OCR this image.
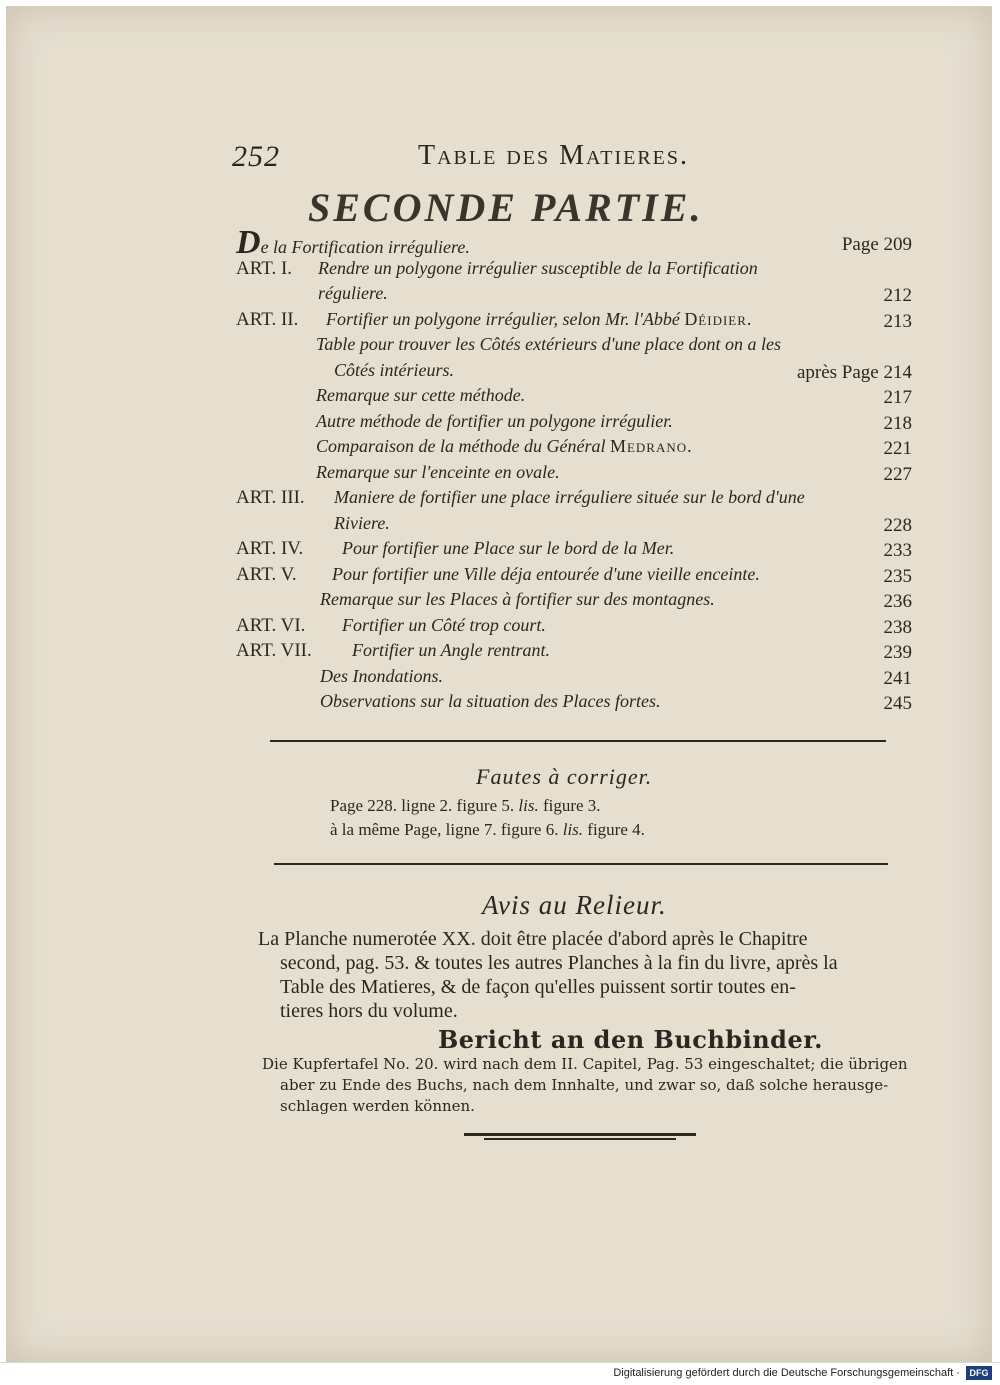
252	Table des Matieres.
SECONDE PARTIE.
De la Fortification irréguliere.	Page 209
ART. I. Rendre un polygone irrégulier susceptible de la Fortification
réguliere.	212
ART. II. Fortifier un polygone irrégulier, selon Mr. l'Abbé Déidier.	213
Table pour trouver les Côtés extérieurs d'une place dont on a les
Côtés intérieurs.	après Page 214
Remarque sur cette méthode.	217
Autre méthode de fortifier un polygone irrégulier.	218
Comparaison de la méthode du Général Medrano.	221
Remarque sur l'enceinte en ovale.	227
ART. III. Maniere de fortifier une place irréguliere située sur le bord d'une
Riviere.	228
ART. IV. Pour fortifier une Place sur le bord de la Mer.	233
ART. V. Pour fortifier une Ville déja entourée d'une vieille enceinte.	235
Remarque sur les Places à fortifier sur des montagnes.	236
ART. VI. Fortifier un Côté trop court.	238
ART. VII. Fortifier un Angle rentrant.	239
Des Inondations.	241
Observations sur la situation des Places fortes.	245
Fautes à corriger.
Page 228. ligne 2. figure 5. lis. figure 3.
à la même Page, ligne 7. figure 6. lis. figure 4.
Avis au Relieur.
La Planche numerotée XX. doit être placée d'abord après le Chapitre
second, pag. 53. & toutes les autres Planches à la fin du livre, après la
Table des Matieres, & de façon qu'elles puissent sortir toutes en-
tieres hors du volume.
Bericht an den Buchbinder.
Die Kupfertafel No. 20. wird nach dem II. Capitel, Pag. 53 eingeschaltet; die übrigen
aber zu Ende des Buchs, nach dem Innhalte, und zwar so, daß solche herausge-
schlagen werden können.
Digitalisierung gefördert durch die Deutsche Forschungsgemeinschaft ·	DFG
